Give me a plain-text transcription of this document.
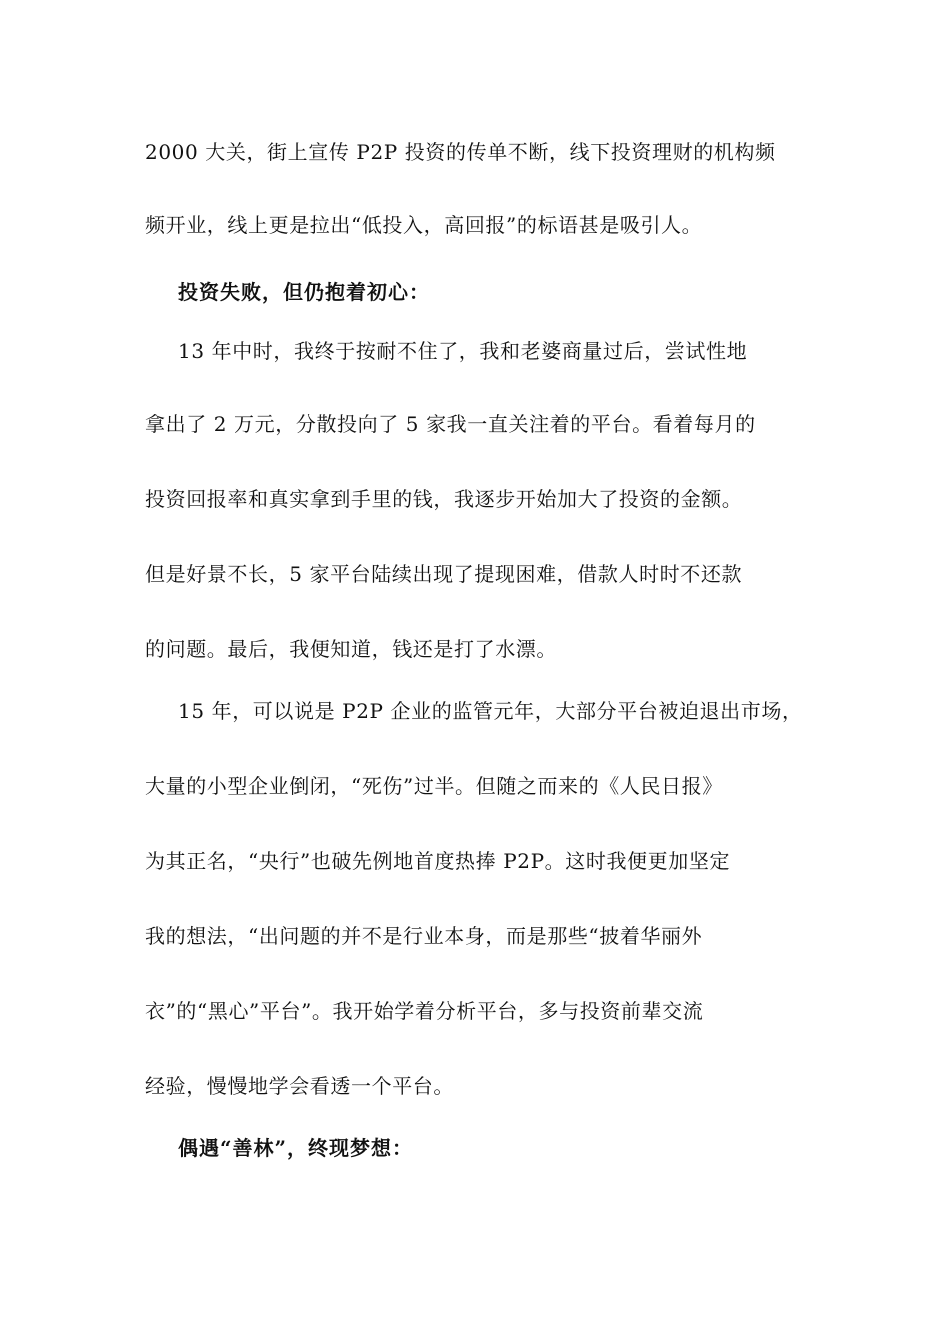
2000 大关，街上宣传 P2P 投资的传单不断，线下投资理财的机构频
频开业，线上更是拉出“低投入，高回报”的标语甚是吸引人。
投资失败，但仍抱着初心：
13 年中时，我终于按耐不住了，我和老婆商量过后，尝试性地
拿出了 2 万元，分散投向了 5 家我一直关注着的平台。看着每月的
投资回报率和真实拿到手里的钱，我逐步开始加大了投资的金额。
但是好景不长，5 家平台陆续出现了提现困难，借款人时时不还款
的问题。最后，我便知道，钱还是打了水漂。
15 年，可以说是 P2P 企业的监管元年，大部分平台被迫退出市场，
大量的小型企业倒闭，“死伤”过半。但随之而来的《人民日报》
为其正名，“央行”也破先例地首度热捧 P2P。这时我便更加坚定
我的想法，“出问题的并不是行业本身，而是那些“披着华丽外
衣”的“黑心”平台”。我开始学着分析平台，多与投资前辈交流
经验，慢慢地学会看透一个平台。
偶遇“善林”，终现梦想：
